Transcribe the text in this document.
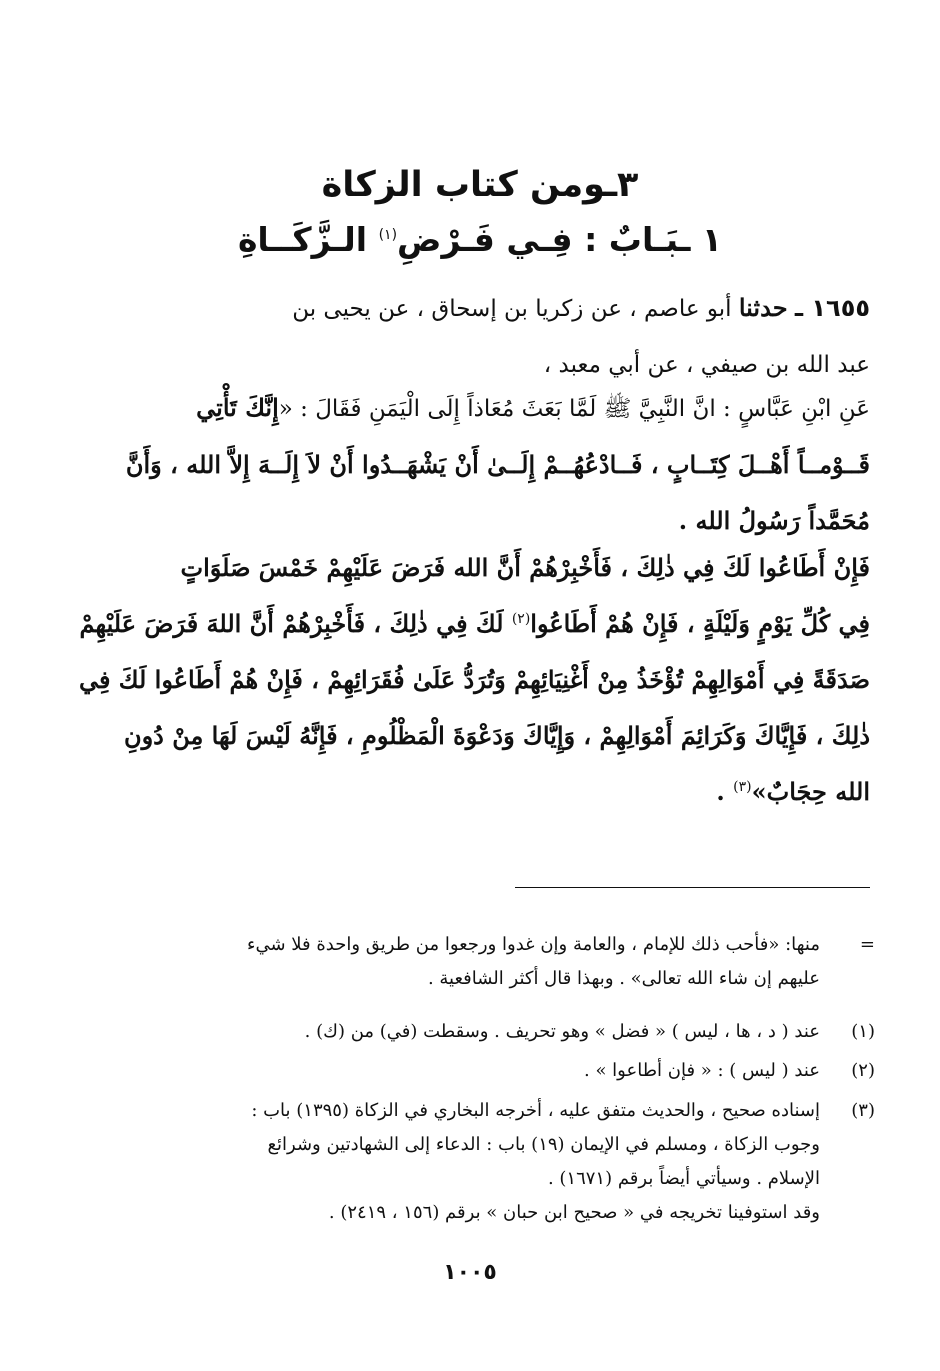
٣ـومن كتاب الزكاة
١ ـبَـابٌ : فِـي فَـرْضِ$^{(١)}$ الـزَّكَــاةِ
١٦٥٥ ـ حدثنا أبو عاصم ، عن زكريا بن إسحاق ، عن يحيى بن
عبد الله بن صيفي ، عن أبي معبد ،
عَنِ ابْنِ عَبَّاسٍ : انَّ النَّبِيَّ ﷺ لَمَّا بَعَثَ مُعَاذاً إِلَى الْيَمَنِ فَقَالَ : «إِنَّكَ تَأْتِي
قَــوْمــاً أَهْــلَ كِتَــابٍ ، فَــادْعُهُــمْ إِلَــىٰ أَنْ يَشْهَــدُوا أَنْ لاَ إِلَــهَ إِلاَّ الله ، وَأَنَّ
مُحَمَّداً رَسُولُ الله .
فَإِنْ أَطَاعُوا لَكَ فِي ذٰلِكَ ، فَأَخْبِرْهُمْ أَنَّ الله فَرَضَ عَلَيْهِمْ خَمْسَ صَلَوَاتٍ
فِي كُلِّ يَوْمٍ وَلَيْلَةٍ ، فَإِنْ هُمْ أَطَاعُوا$^{(٢)}$ لَكَ فِي ذٰلِكَ ، فَأَخْبِرْهُمْ أَنَّ اللهَ فَرَضَ عَلَيْهِمْ
صَدَقَةً فِي أَمْوَالِهِمْ تُؤْخَذُ مِنْ أَغْنِيَائِهِمْ وَتُرَدُّ عَلَىٰ فُقَرَائِهِمْ ، فَإِنْ هُمْ أَطَاعُوا لَكَ فِي
ذٰلِكَ ، فَإِيَّاكَ وَكَرَائِمَ أَمْوَالِهِمْ ، وَإِيَّاكَ وَدَعْوَةَ الْمَظْلُومِ ، فَإِنَّهُ لَيْسَ لَهَا مِنْ دُونِ
الله حِجَابٌ»$^{(٣)}$ .
=
منها: «فأحب ذلك للإمام ، والعامة وإن غدوا ورجعوا من طريق واحدة فلا شيء
عليهم إن شاء الله تعالى» . وبهذا قال أكثر الشافعية .
(١)
عند ( د ، ها ، ليس ) « فضل » وهو تحريف . وسقطت (في) من (ك) .
(٢)
عند ( ليس ) : « فإن أطاعوا » .
(٣)
إسناده صحيح ، والحديث متفق عليه ، أخرجه البخاري في الزكاة (١٣٩٥) باب :
وجوب الزكاة ، ومسلم في الإيمان (١٩) باب : الدعاء إلى الشهادتين وشرائع
الإسلام . وسيأتي أيضاً برقم (١٦٧١) .
وقد استوفينا تخريجه في « صحيح ابن حبان » برقم (١٥٦ ، ٢٤١٩) .
١٠٠٥
